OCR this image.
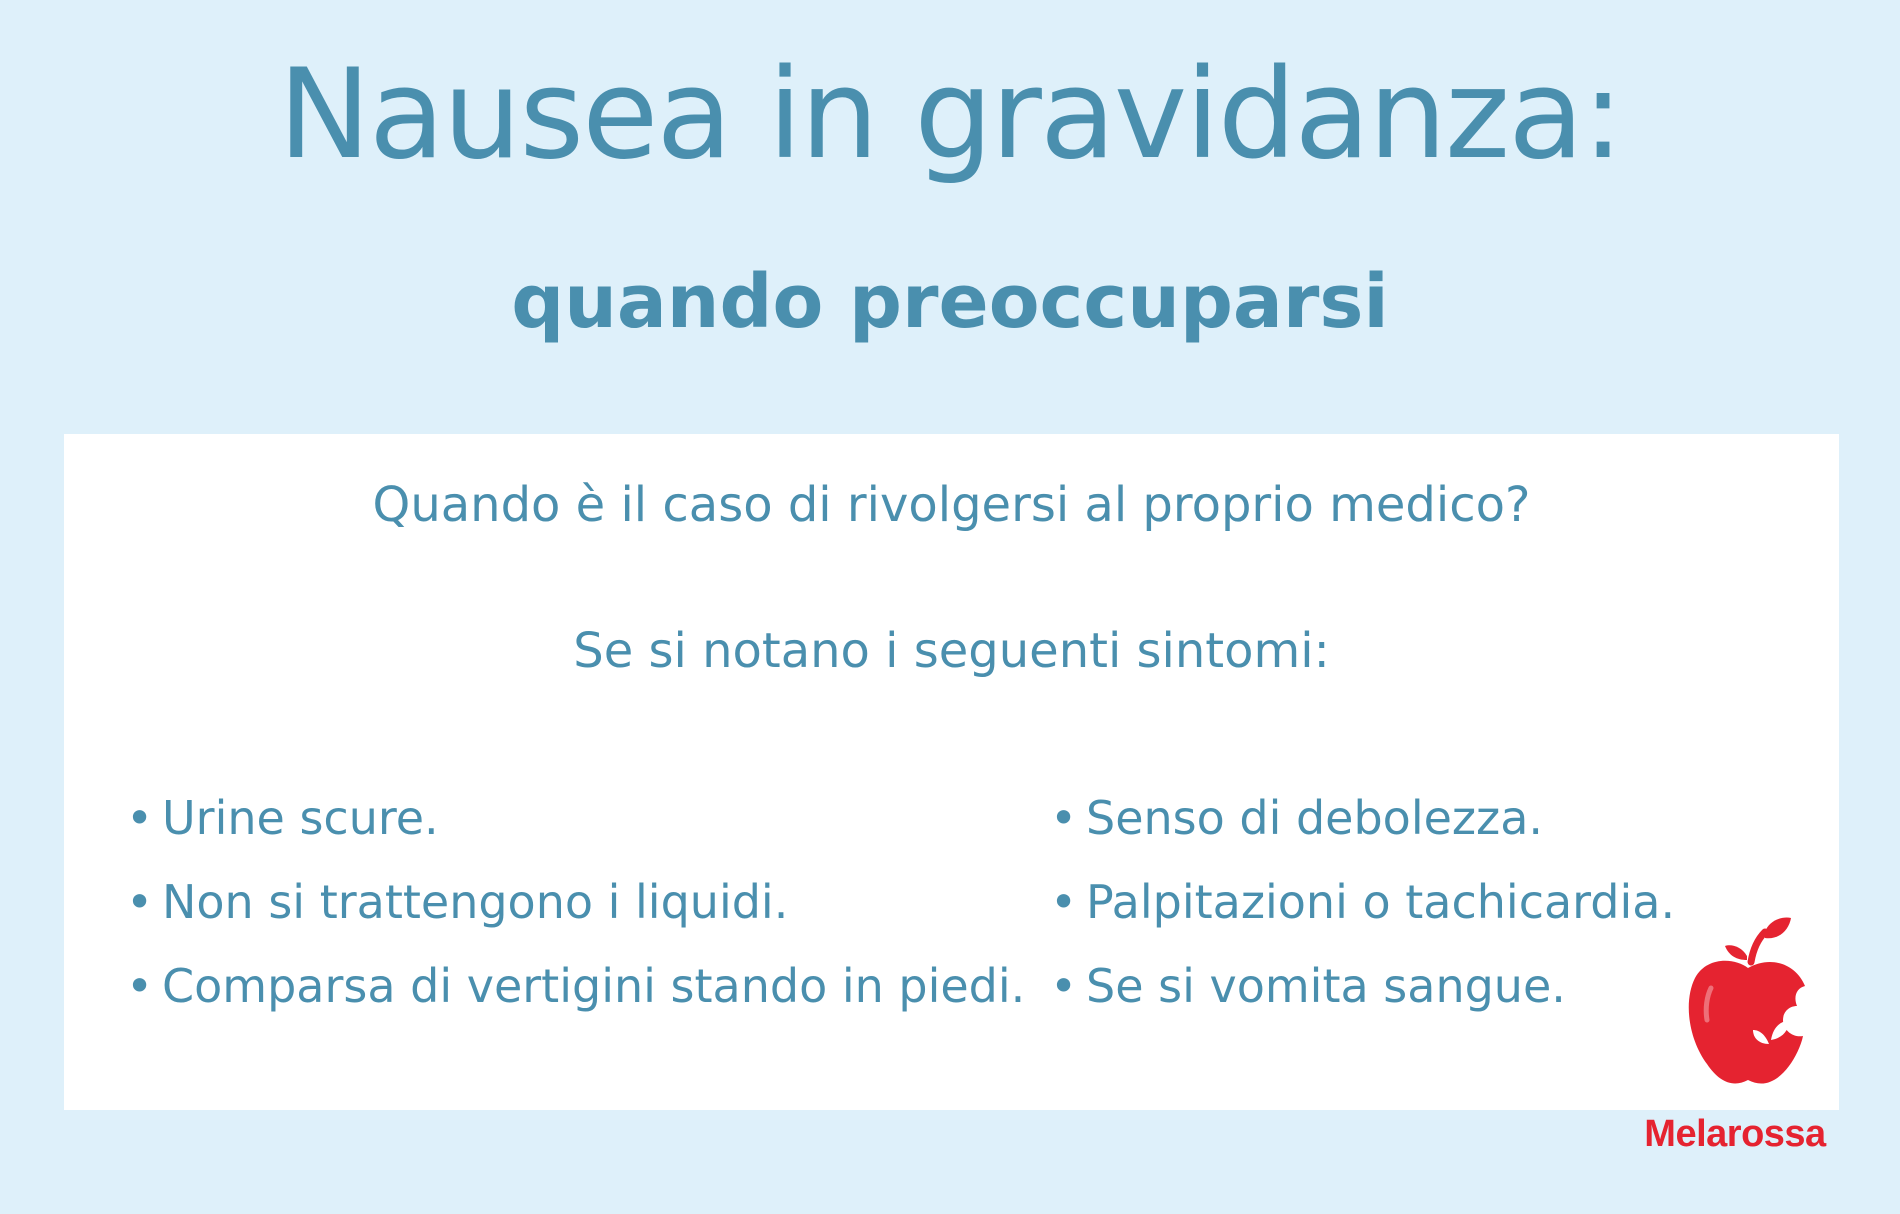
Nausea in gravidanza:
quando preoccuparsi
Quando è il caso di rivolgersi al proprio medico?
Se si notano i seguenti sintomi:
• Urine scure.
• Non si trattengono i liquidi.
• Comparsa di vertigini stando in piedi.
• Senso di debolezza.
• Palpitazioni o tachicardia.
• Se si vomita sangue.
Melarossa
